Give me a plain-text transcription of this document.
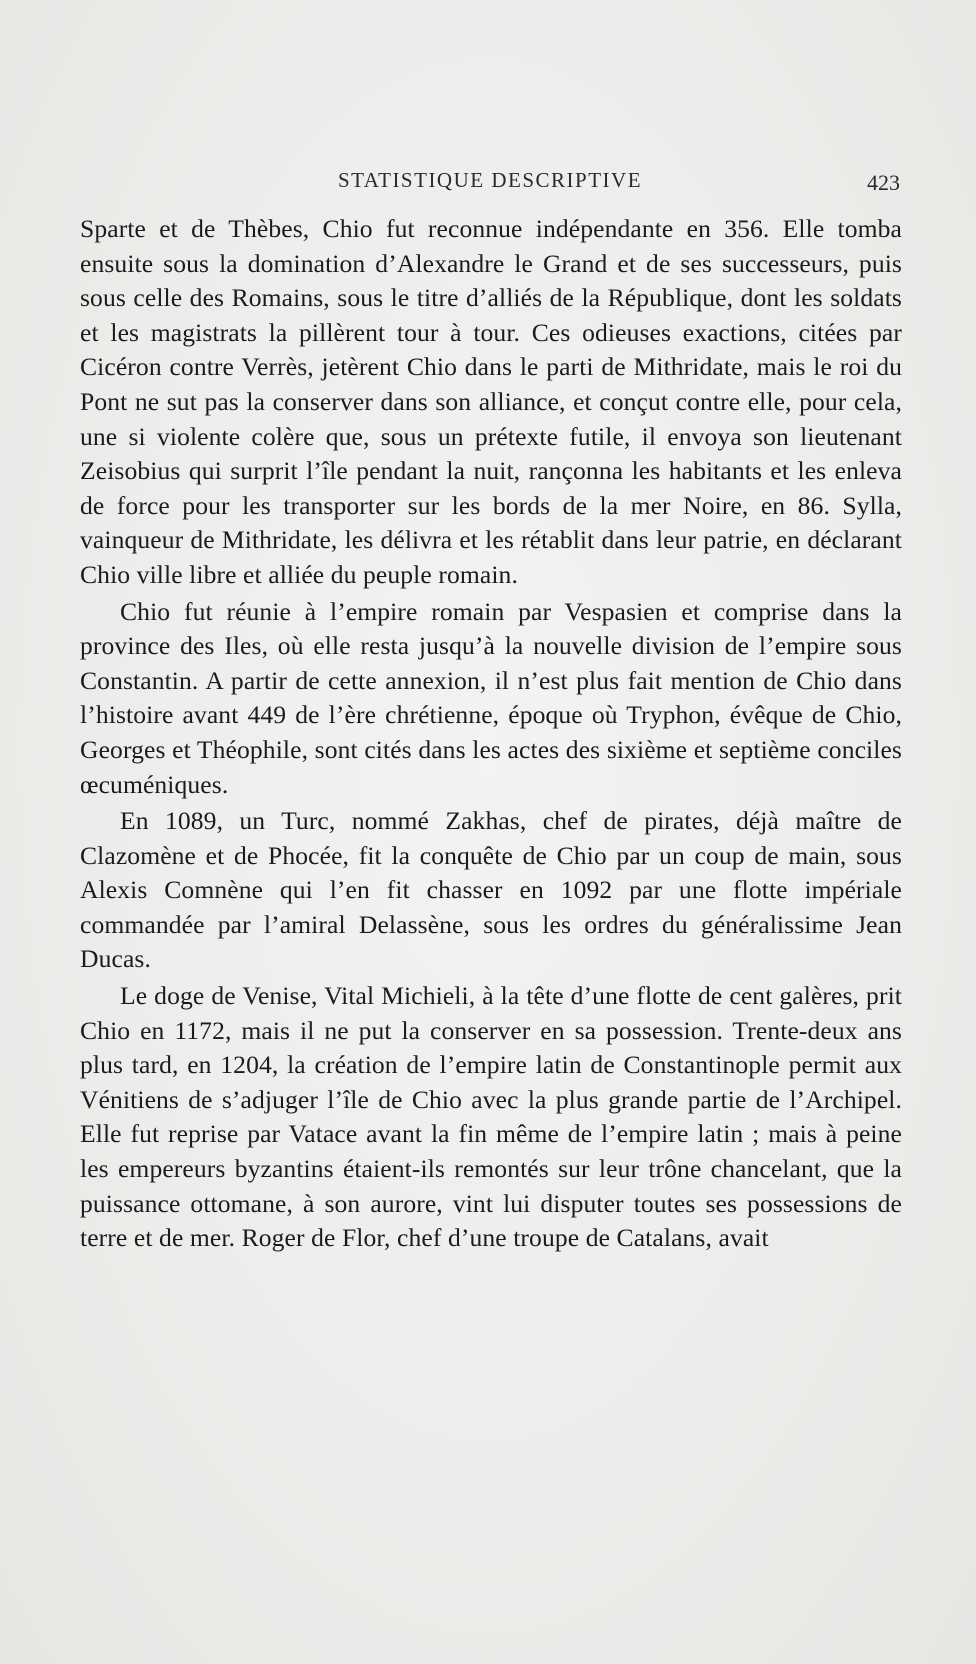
STATISTIQUE DESCRIPTIVE	423

Sparte et de Thèbes, Chio fut reconnue indépendante en 356. Elle tomba ensuite sous la domination d’Alexandre le Grand et de ses successeurs, puis sous celle des Romains, sous le titre d’alliés de la République, dont les soldats et les magistrats la pillèrent tour à tour. Ces odieuses exactions, citées par Cicéron contre Verrès, jetèrent Chio dans le parti de Mithridate, mais le roi du Pont ne sut pas la conserver dans son alliance, et conçut contre elle, pour cela, une si violente colère que, sous un prétexte futile, il envoya son lieutenant Zeisobius qui surprit l’île pendant la nuit, rançonna les habitants et les enleva de force pour les transporter sur les bords de la mer Noire, en 86. Sylla, vainqueur de Mithridate, les délivra et les rétablit dans leur patrie, en déclarant Chio ville libre et alliée du peuple romain.

Chio fut réunie à l’empire romain par Vespasien et comprise dans la province des Iles, où elle resta jusqu’à la nouvelle division de l’empire sous Constantin. A partir de cette annexion, il n’est plus fait mention de Chio dans l’histoire avant 449 de l’ère chrétienne, époque où Tryphon, évêque de Chio, Georges et Théophile, sont cités dans les actes des sixième et septième conciles œcuméniques.

En 1089, un Turc, nommé Zakhas, chef de pirates, déjà maître de Clazomène et de Phocée, fit la conquête de Chio par un coup de main, sous Alexis Comnène qui l’en fit chasser en 1092 par une flotte impériale commandée par l’amiral Delassène, sous les ordres du généralissime Jean Ducas.

Le doge de Venise, Vital Michieli, à la tête d’une flotte de cent galères, prit Chio en 1172, mais il ne put la conserver en sa possession. Trente-deux ans plus tard, en 1204, la création de l’empire latin de Constantinople permit aux Vénitiens de s’adjuger l’île de Chio avec la plus grande partie de l’Archipel. Elle fut reprise par Vatace avant la fin même de l’empire latin ; mais à peine les empereurs byzantins étaient-ils remontés sur leur trône chancelant, que la puissance ottomane, à son aurore, vint lui disputer toutes ses possessions de terre et de mer. Roger de Flor, chef d’une troupe de Catalans, avait
